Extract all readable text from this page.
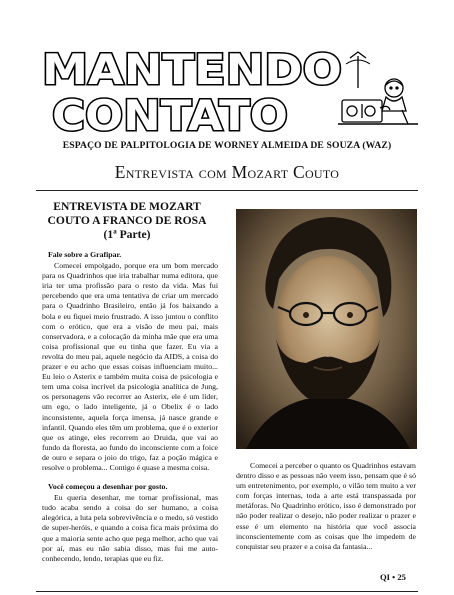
MANTENDO
CONTATO
ESPAÇO DE PALPITOLOGIA DE WORNEY ALMEIDA DE SOUZA (WAZ)
Entrevista com Mozart Couto
ENTREVISTA DE MOZART
COUTO A FRANCO DE ROSA
(1ª Parte)

Fale sobre a Grafipar.

Comecei empolgado, porque era um bom mercado para os Quadrinhos que iria trabalhar numa editora, que iria ter uma profissão para o resto da vida. Mas fui percebendo que era uma tentativa de criar um mercado para o Quadrinho Brasileiro, então já fos baixando a bola e eu fiquei meio frustrado. A isso juntou o conflito com o erótico, que era a visão de meu pai, mais conservadora, e a colocação da minha mãe que era uma coisa profissional que eu tinha que fazer. Eu via a revolta do meu pai, aquele negócio da AIDS, a coisa do prazer e eu acho que essas coisas influenciam muito... Eu leio o Asterix e também muita coisa de psicologia e tem uma coisa incrível da psicologia analítica de Jung, os personagens vão recorrer ao Asterix, ele é um líder, um ego, o lado inteligente, já o Obelix é o lado inconsistente, aquela força imensa, já nasce grande e infantil. Quando eles têm um problema, que é o exterior que os atinge, eles recorrem ao Druida, que vai ao fundo da floresta, ao fundo do inconsciente com a foice de ouro e separa o joio do trigo, faz a poção mágica e resolve o problema... Contigo é quase a mesma coisa.

Você começou a desenhar por gosto.

Eu queria desenhar, me tornar profissional, mas tudo acaba sendo a coisa do ser humano, a coisa alegórica, a luta pela sobrevivência e o medo, só vestido de super-heróis, e quando a coisa fica mais próxima do que a maioria sente acho que pega melhor, acho que vai por aí, mas eu não sabia disso, mas fui me auto-conhecendo, lendo, terapias que eu fiz.

Comecei a perceber o quanto os Quadrinhos estavam dentro disso e as pessoas não veem isso, pensam que é só um entretenimento, por exemplo, o vilão tem muito a ver com forças internas, toda a arte está transpassada por metáforas. No Quadrinho erótico, isso é demonstrado por não poder realizar o desejo, não poder realizar o prazer e esse é um elemento na história que você associa inconscientemente com as coisas que lhe impedem de conquistar seu prazer e a coisa da fantasia...

QI • 25
